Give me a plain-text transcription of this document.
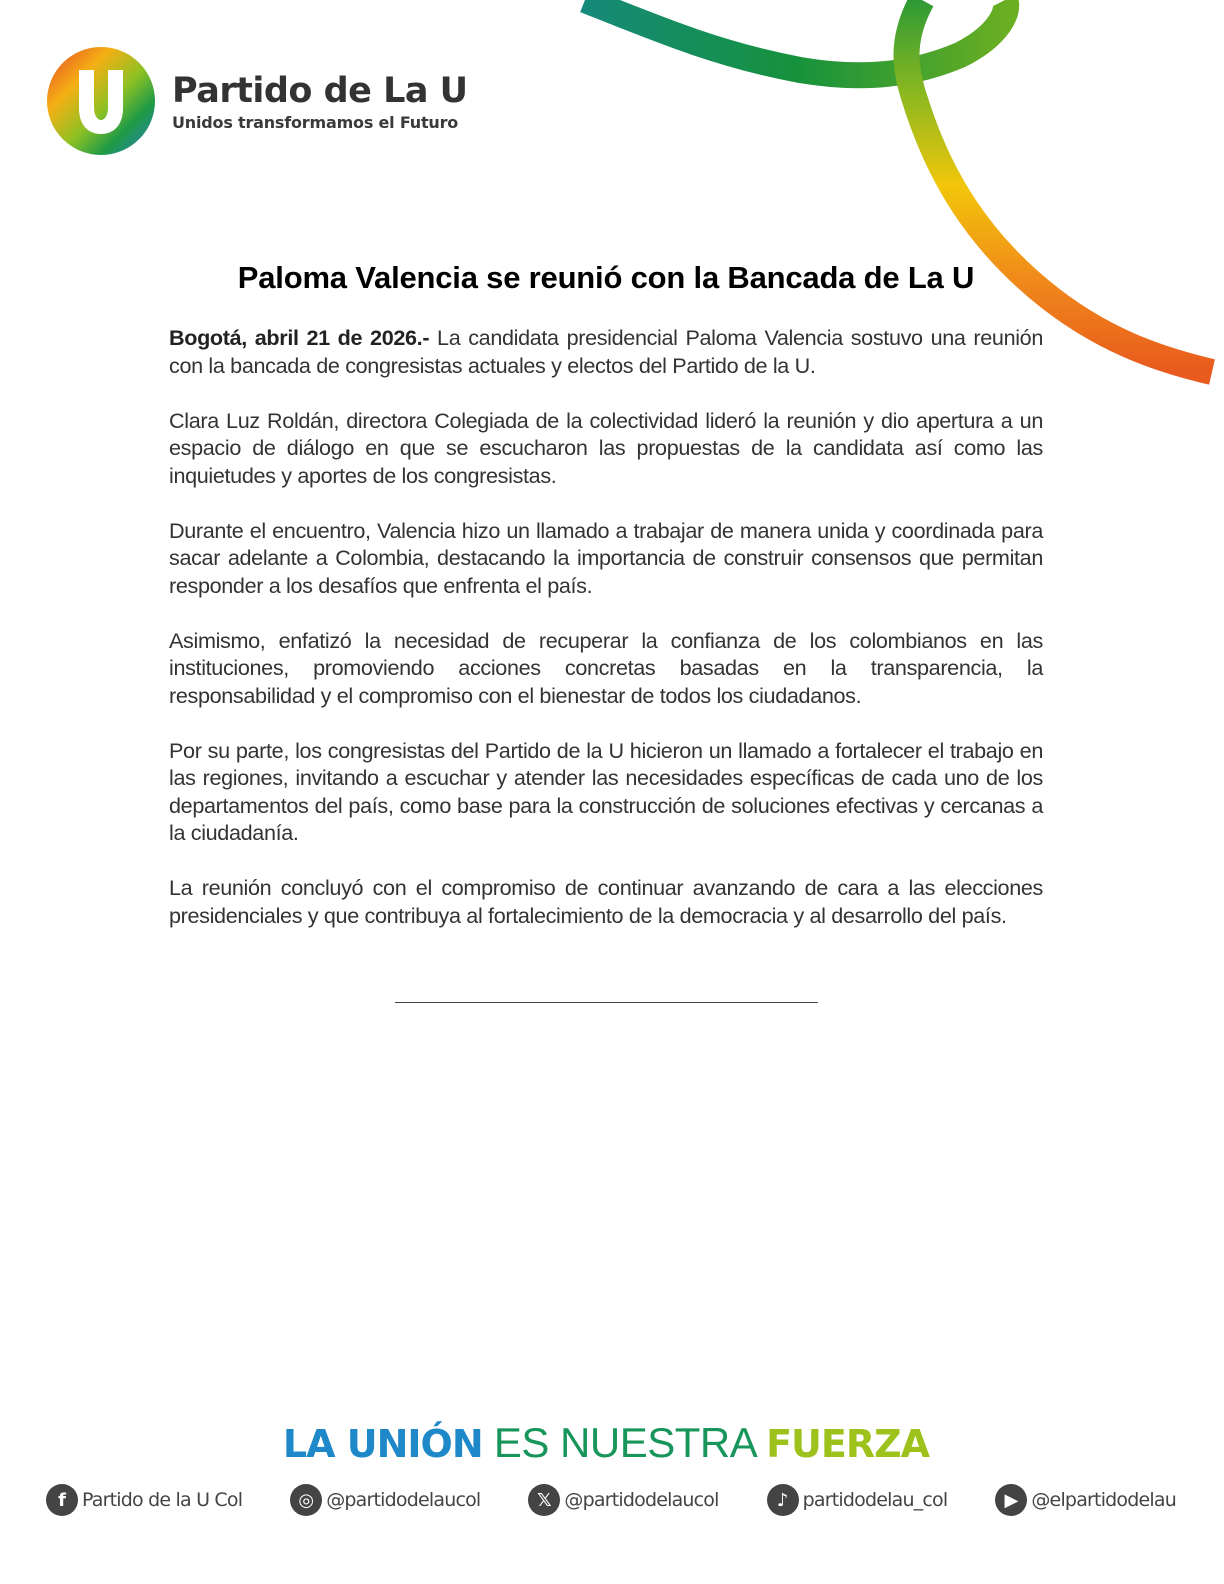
Partido de La U
Unidos transformamos el Futuro
Paloma Valencia se reunió con la Bancada de La U

Bogotá, abril 21 de 2026.- La candidata presidencial Paloma Valencia sostuvo una reunión con la bancada de congresistas actuales y electos del Partido de la U.

Clara Luz Roldán, directora Colegiada de la colectividad lideró la reunión y dio apertura a un espacio de diálogo en que se escucharon las propuestas de la candidata así como las inquietudes y aportes de los congresistas.

Durante el encuentro, Valencia hizo un llamado a trabajar de manera unida y coordinada para sacar adelante a Colombia, destacando la importancia de construir consensos que permitan responder a los desafíos que enfrenta el país.

Asimismo, enfatizó la necesidad de recuperar la confianza de los colombianos en las instituciones, promoviendo acciones concretas basadas en la transparencia, la responsabilidad y el compromiso con el bienestar de todos los ciudadanos.

Por su parte, los congresistas del Partido de la U hicieron un llamado a fortalecer el trabajo en las regiones, invitando a escuchar y atender las necesidades específicas de cada uno de los departamentos del país, como base para la construcción de soluciones efectivas y cercanas a la ciudadanía.

La reunión concluyó con el compromiso de continuar avanzando de cara a las elecciones presidenciales y que contribuya al fortalecimiento de la democracia y al desarrollo del país.

LA UNIÓN ES NUESTRA FUERZA
f Partido de la U Col	◎ @partidodelaucol	𝕏 @partidodelaucol	♪ partidodelau_col	▶ @elpartidodelau
